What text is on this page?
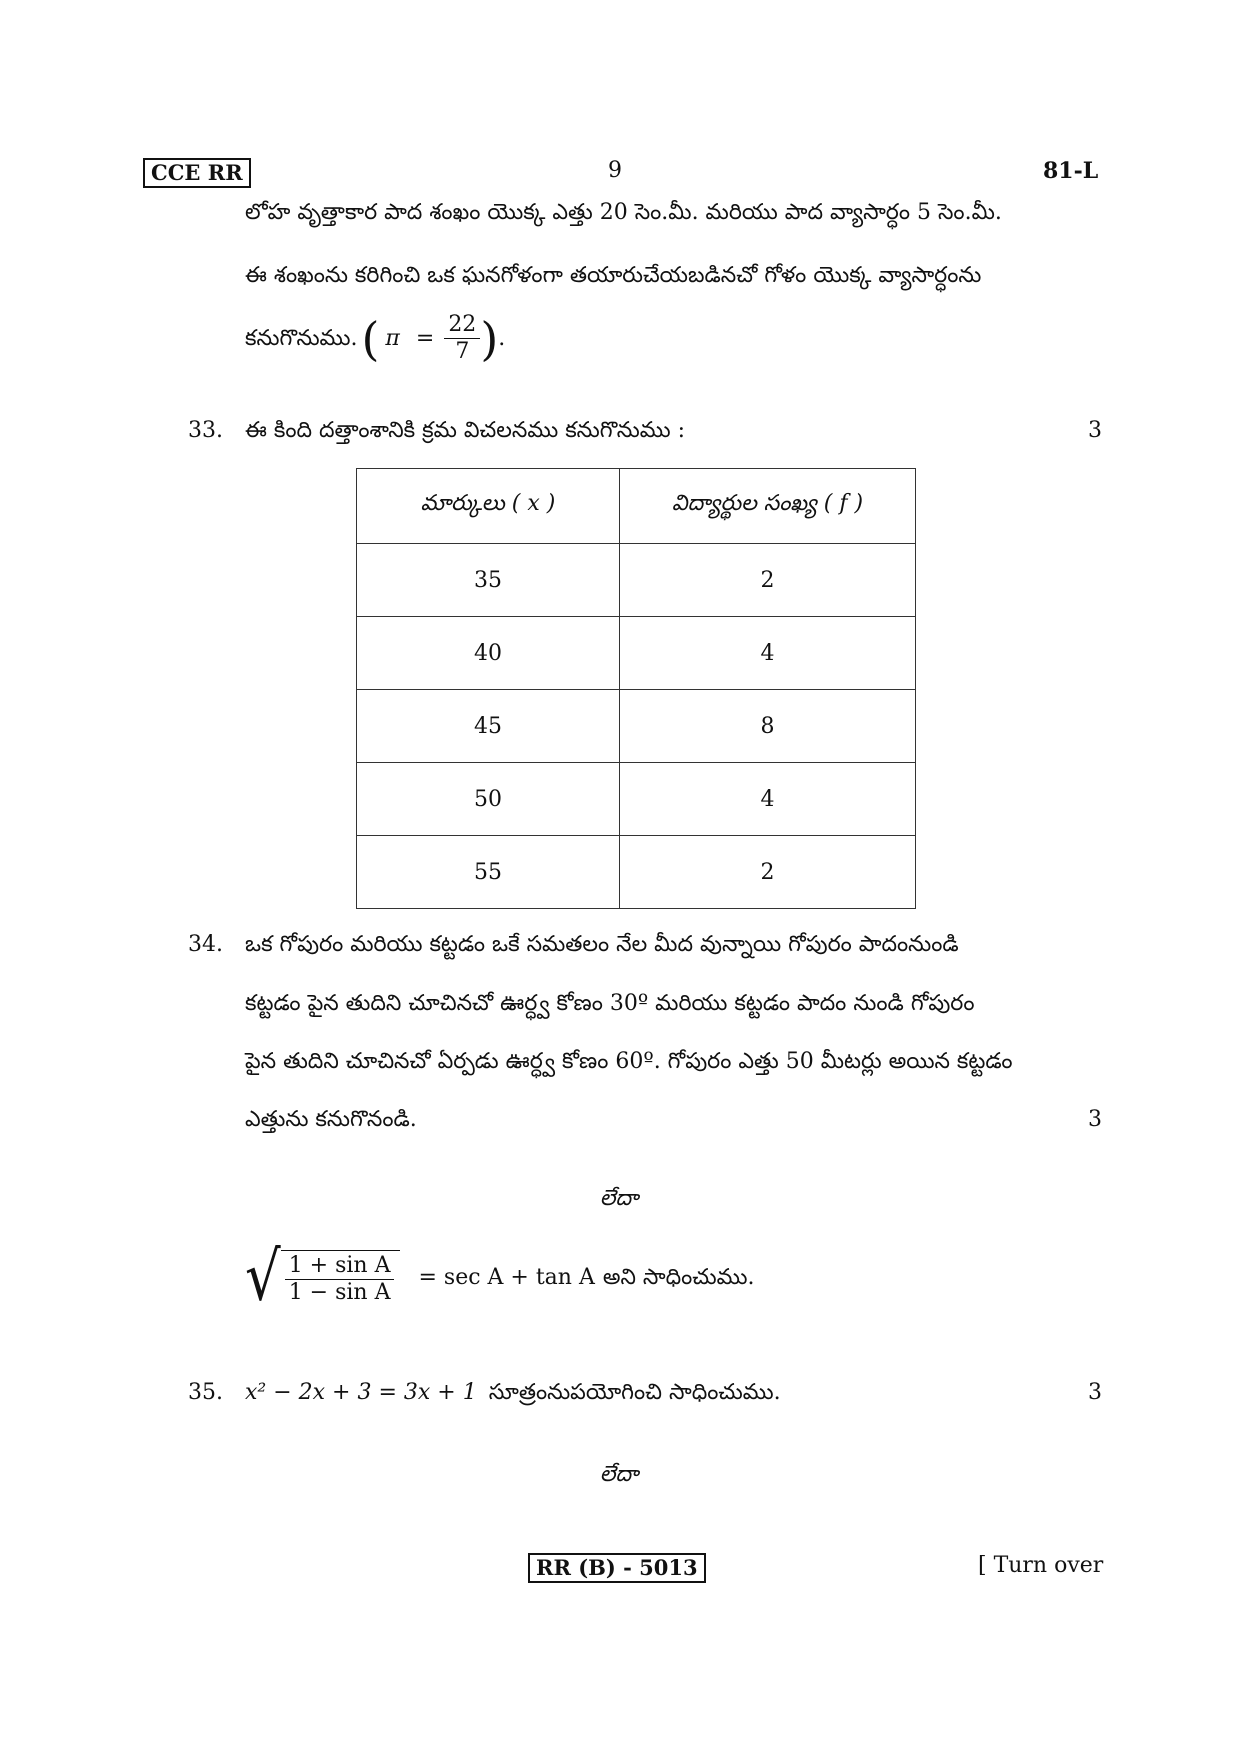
CCE RR	9	81-L
లోహ వృత్తాకార పాద శంఖం యొక్క ఎత్తు 20 సెం.మీ. మరియు పాద వ్యాసార్ధం 5 సెం.మీ.
ఈ శంఖంను కరిగించి ఒక ఘనగోళంగా తయారుచేయబడినచో గోళం యొక్క వ్యాసార్ధంను
కనుగొనుము. ( $\pi = \frac{22}{7}$ ) .
33. ఈ కింది దత్తాంశానికి క్రమ విచలనము కనుగొనుము :	3
మార్కులు ( x )	విద్యార్థుల సంఖ్య ( f )
35	2
40	4
45	8
50	4
55	2
34. ఒక గోపురం మరియు కట్టడం ఒకే సమతలం నేల మీద వున్నాయి గోపురం పాదంనుండి
కట్టడం పైన తుదిని చూచినచో ఊర్ధ్వ కోణం 30º మరియు కట్టడం పాదం నుండి గోపురం
పైన తుదిని చూచినచో ఏర్పడు ఊర్ధ్వ కోణం 60º. గోపురం ఎత్తు 50 మీటర్లు అయిన కట్టడం
ఎత్తును కనుగొనండి.	3
లేదా
√ $\frac{\text{1 + sin A}}{\text{1 − sin A}} = \sec A + \tan A$ అని సాధించుము.
35. x² − 2x + 3 = 3x + 1 సూత్రంనుపయోగించి సాధించుము.	3
లేదా
RR (B) - 5013	[ Turn over
